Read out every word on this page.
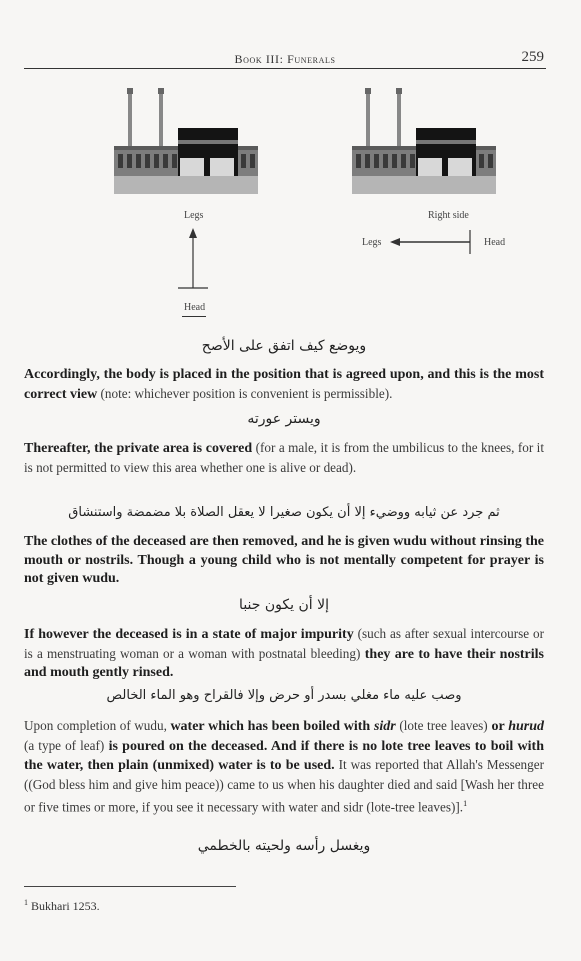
Book III: Funerals	259
Legs
Head
Right side
Legs	Head
ويوضع كيف اتفق على الأصح

Accordingly, the body is placed in the position that is agreed upon, and this is the most correct view (note: whichever position is convenient is permissible).

ويستر عورته

Thereafter, the private area is covered (for a male, it is from the umbilicus to the knees, for it is not permitted to view this area whether one is alive or dead).

ثم جرد عن ثيابه ووضيء إلا أن يكون صغيرا لا يعقل الصلاة بلا مضمضة واستنشاق

The clothes of the deceased are then removed, and he is given wudu without rinsing the mouth or nostrils. Though a young child who is not mentally competent for prayer is not given wudu.

إلا أن يكون جنبا

If however the deceased is in a state of major impurity (such as after sexual intercourse or is a menstruating woman or a woman with postnatal bleeding) they are to have their nostrils and mouth gently rinsed.

وصب عليه ماء مغلي بسدر أو حرض وإلا فالقراح وهو الماء الخالص

Upon completion of wudu, water which has been boiled with sidr (lote tree leaves) or hurud (a type of leaf) is poured on the deceased. And if there is no lote tree leaves to boil with the water, then plain (unmixed) water is to be used. It was reported that Allah's Messenger ((God bless him and give him peace)) came to us when his daughter died and said [Wash her three or five times or more, if you see it necessary with water and sidr (lote-tree leaves)].$^1$

ويغسل رأسه ولحيته بالخطمي
$^1$ Bukhari 1253.
